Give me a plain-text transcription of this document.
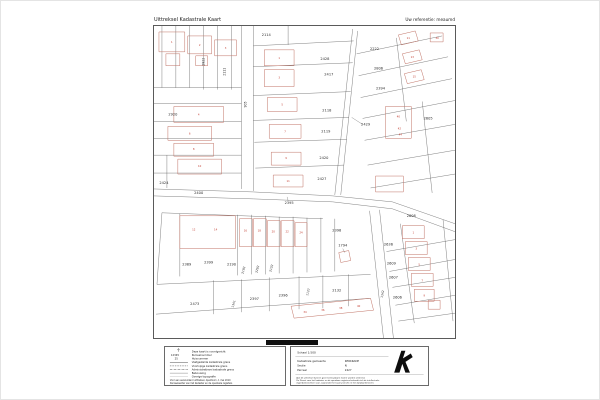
Uittreksel Kadastrale Kaart	Uw referentie: meaumd
2114
2428
2417
2118
2119
2420
2427
2429
2222
2806
2394
2605
2920
2424
2400
2395
2398
1794
2389	2399	2190
2397
2396
2132
2473
2608
2636
2609
2607
2606
2922
2111
905
2192	2292	2102
1127
1341
1342
1
2
3
4
6
8
10
1
3
5
7
9
11
11
13
15
30
40
42
44
12	14	16	18	20	22	24	1
3
5
7
9
34
36
38
40
Deze kaart is noordgericht
12345	Perceelnummer
25	Huisnummer
Vastgestelde kadastrale grens
Voorlopige kadastrale grens
Administratieve kadastrale grens
Bebouwing
Overige topografie
Voor een eensluidend uittreksel, Apeldoorn, 1 mei 2010
De bewaarder van het kadaster en de openbare registers
Schaal 1:500
Kadastrale gemeente	KERKRADE
Sectie	N
Perceel	2427
Aan dit uittreksel kunnen geen betrouwbare maten worden ontleend.
De Dienst voor het kadaster en de openbare registers behoudt zich de intellectuele
eigendomsrechten voor, waaronder het auteursrecht en het databankenrecht.
